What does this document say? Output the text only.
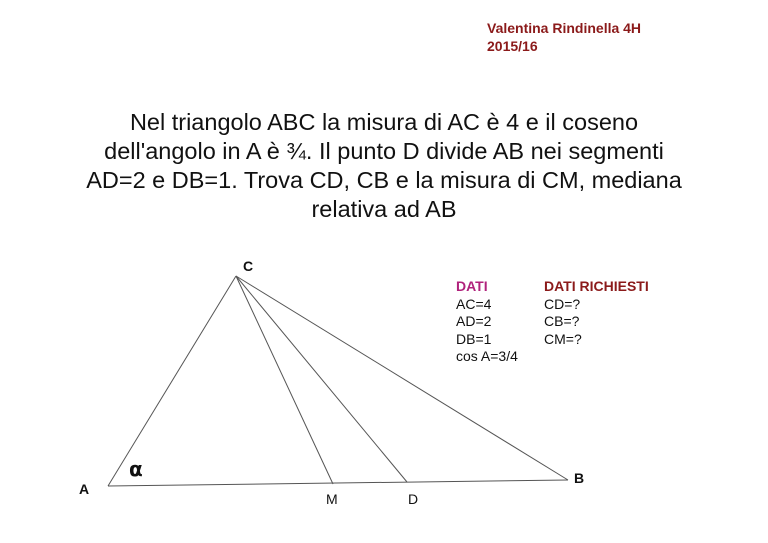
Valentina Rindinella 4H
2015/16
Nel triangolo ABC la misura di AC è 4 e il coseno
dell'angolo in A è ¾. Il punto D divide AB nei segmenti
AD=2 e DB=1. Trova CD, CB e la misura di CM, mediana
relativa ad AB
C
A
B
M	D
α
DATI
AC=4
AD=2
DB=1
cos A=3/4
DATI RICHIESTI
CD=?
CB=?
CM=?
